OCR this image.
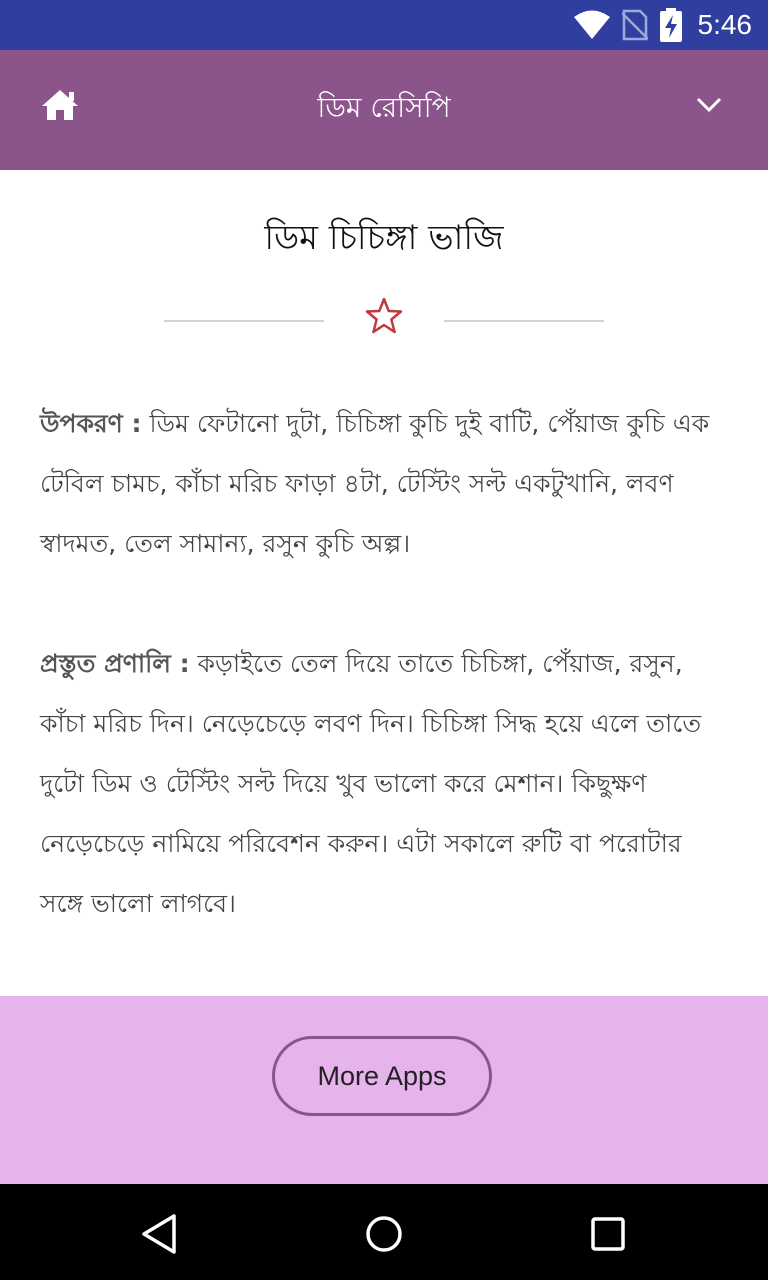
5:46
ডিম রেসিপি
ডিম চিচিঙ্গা ভাজি
উপকরণ : ডিম ফেটানো দুটা, চিচিঙ্গা কুচি দুই বাটি, পেঁয়াজ কুচি এক টেবিল চামচ, কাঁচা মরিচ ফাড়া ৪টা, টেস্টিং সল্ট একটুখানি, লবণ স্বাদমত, তেল সামান্য, রসুন কুচি অল্প।
প্রস্তুত প্রণালি : কড়াইতে তেল দিয়ে তাতে চিচিঙ্গা, পেঁয়াজ, রসুন, কাঁচা মরিচ দিন। নেড়েচেড়ে লবণ দিন। চিচিঙ্গা সিদ্ধ হয়ে এলে তাতে দুটো ডিম ও টেস্টিং সল্ট দিয়ে খুব ভালো করে মেশান। কিছুক্ষণ নেড়েচেড়ে নামিয়ে পরিবেশন করুন। এটা সকালে রুটি বা পরোটার সঙ্গে ভালো লাগবে।
More Apps
